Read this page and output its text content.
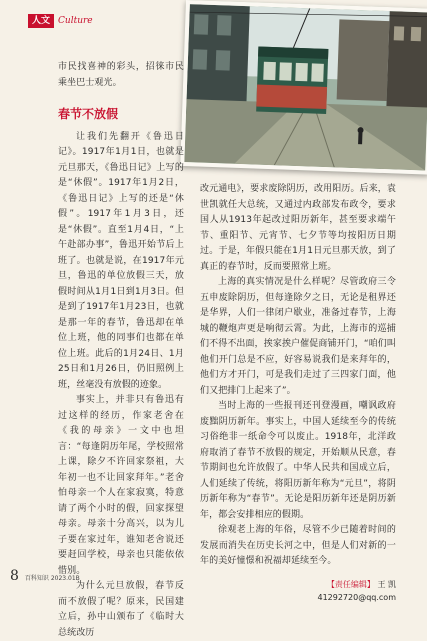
人文 Culture

市民找喜神的彩头，招徕市民乘坐巴士观光。

春节不放假

让我们先翻开《鲁迅日记》。1917年1月1日，也就是元旦那天，《鲁迅日记》上写的是“休假”。1917年1月2日，《鲁迅日记》上写的还是“休假”。1917年1月3日，还是“休假”。直至1月4日，“上午赴部办事”，鲁迅开始节后上班了。也就是说，在1917年元旦，鲁迅的单位放假三天，放假时间从1月1日到1月3日。但是到了1917年1月23日，也就是那一年的春节，鲁迅却在单位上班，他的同事们也都在单位上班。此后的1月24日、1月25日和1月26日，仍旧照例上班，丝毫没有放假的迹象。

事实上，并非只有鲁迅有过这样的经历，作家老舍在《我的母亲》一文中也坦言：“每逢阴历年尾，学校照常上课，除夕不许回家祭祖，大年初一也不让回家拜年。”老舍怕母亲一个人在家寂寞，特意请了两个小时的假，回家探望母亲。母亲十分高兴，以为儿子要在家过年，谁知老舍说还要赶回学校，母亲也只能依依惜别。

为什么元旦放假，春节反而不放假了呢？原来，民国建立后，孙中山颁布了《临时大总统改历

改元通电》，要求废除阴历，改用阳历。后来，袁世凯就任大总统，又通过内政部发布政令，要求国人从1913年起改过阳历新年，甚至要求端午节、重阳节、元宵节、七夕节等均按阳历日期过。于是，年假只能在1月1日元旦那天放，到了真正的春节时，反而要照常上班。

上海的真实情况是什么样呢？尽管政府三令五申废除阴历，但每逢除夕之日，无论是租界还是华界，人们一律闭户歇业，准备过春节，上海城的鞭炮声更是响彻云霄。为此，上海市的巡捕们不得不出面，挨家挨户催促商铺开门，“咱们叫他们开门总是不应，好容易说我们是来拜年的，他们方才开门，可是我们走过了三四家门面，他们又把排门上起来了”。

当时上海的一些报刊还刊登漫画，嘲讽政府废黜阴历新年。事实上，中国人延续至今的传统习俗绝非一纸命令可以废止。1918年，北洋政府取消了春节不放假的规定，开始顺从民意，春节期间也允许放假了。中华人民共和国成立后，人们延续了传统，将阳历新年称为“元旦”，将阴历新年称为“春节”。无论是阳历新年还是阴历新年，都会安排相应的假期。

徐观老上海的年俗，尽管不少已随着时间的发展而消失在历史长河之中，但是人们对新的一年的美好憧憬和祝福却延续至今。

【责任编辑】 王 凯
41292720@qq.com
8 百科知识 2023.01B
